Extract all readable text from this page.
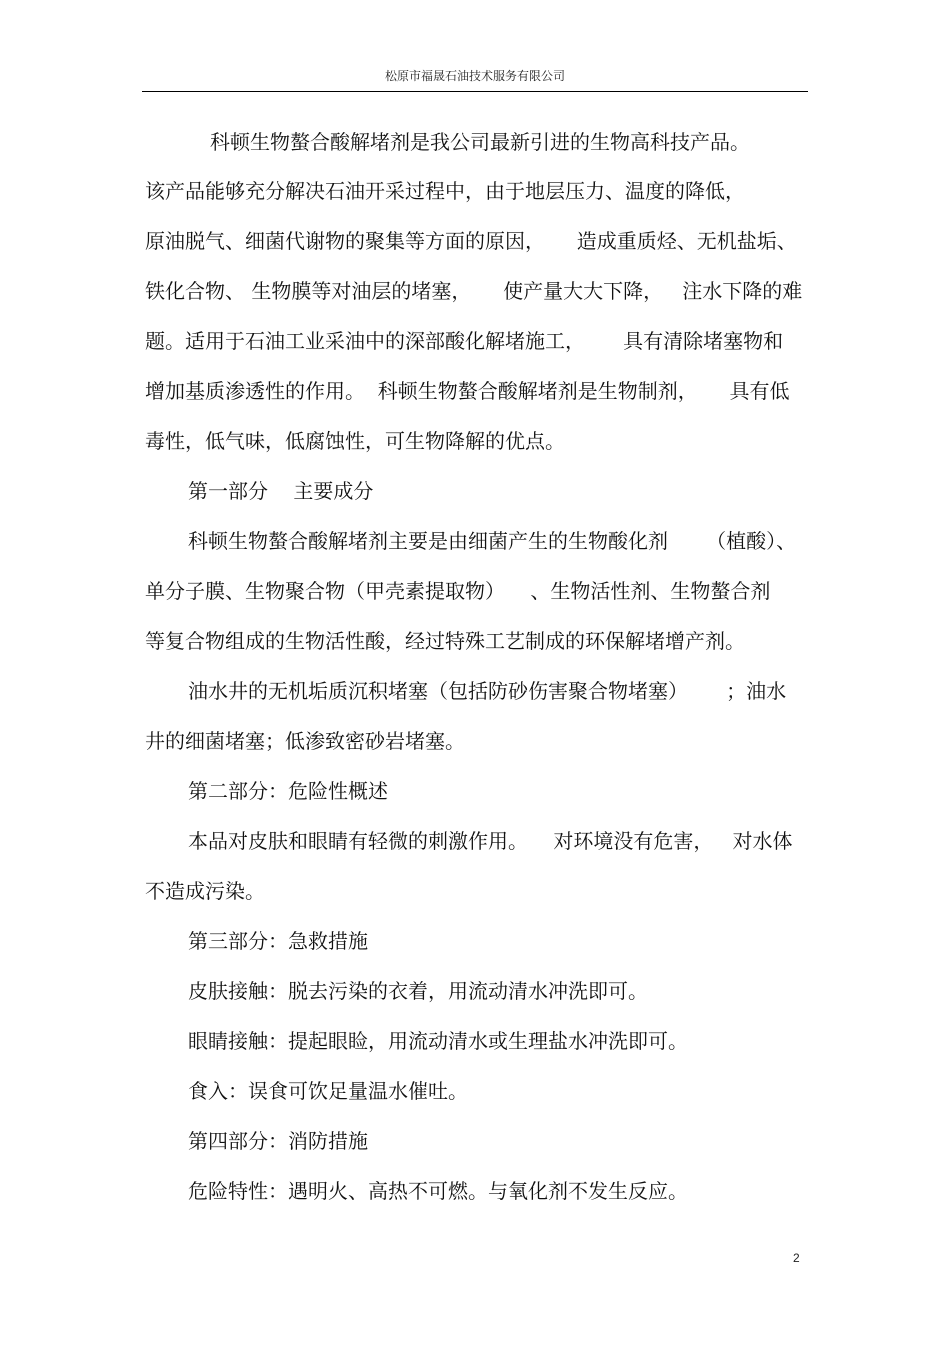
松原市福晟石油技术服务有限公司
科顿生物螯合酸解堵剂是我公司最新引进的生物高科技产品。
该产品能够充分解决石油开采过程中，由于地层压力、温度的降低，
原油脱气、细菌代谢物的聚集等方面的原因，     造成重质烃、无机盐垢、
铁化合物、 生物膜等对油层的堵塞，     使产量大大下降，   注水下降的难
题。适用于石油工业采油中的深部酸化解堵施工，      具有清除堵塞物和
增加基质渗透性的作用。  科顿生物螯合酸解堵剂是生物制剂，     具有低
毒性，低气味，低腐蚀性，可生物降解的优点。
第一部分    主要成分
科顿生物螯合酸解堵剂主要是由细菌产生的生物酸化剂      （植酸）、
单分子膜、生物聚合物（甲壳素提取物）    、生物活性剂、生物螯合剂
等复合物组成的生物活性酸，经过特殊工艺制成的环保解堵增产剂。
油水井的无机垢质沉积堵塞（包括防砂伤害聚合物堵塞）      ；油水
井的细菌堵塞；低渗致密砂岩堵塞。
第二部分：危险性概述
本品对皮肤和眼睛有轻微的刺激作用。    对环境没有危害，   对水体
不造成污染。
第三部分：急救措施
皮肤接触：脱去污染的衣着，用流动清水冲洗即可。
眼睛接触：提起眼睑，用流动清水或生理盐水冲洗即可。
食入：误食可饮足量温水催吐。
第四部分：消防措施
危险特性：遇明火、高热不可燃。与氧化剂不发生反应。
2
